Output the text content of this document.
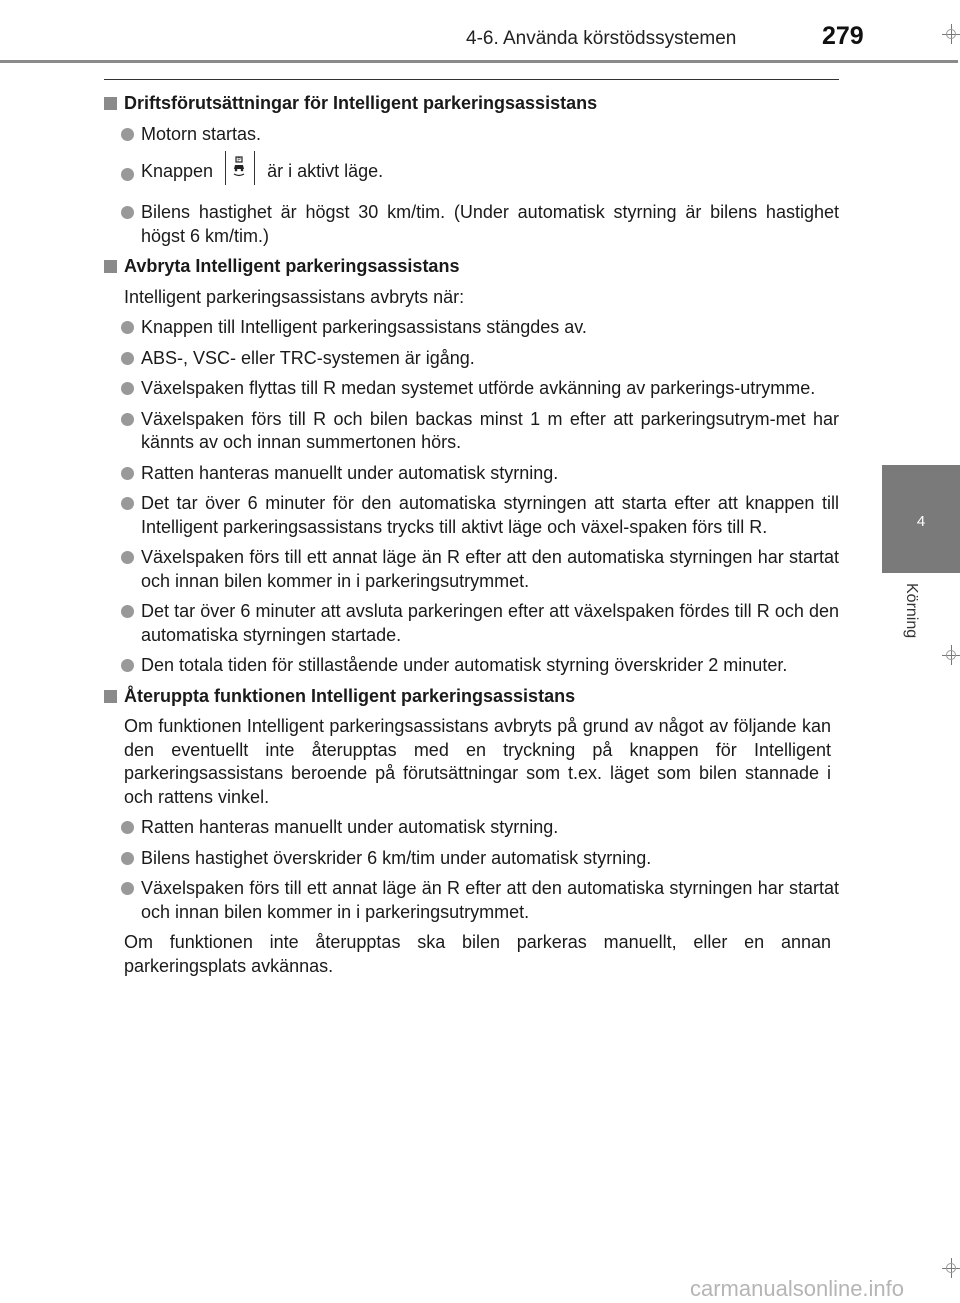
4-6. Använda körstödssystemen	279
4
Körning
Driftsförutsättningar för Intelligent parkeringsassistans
Motorn startas.
Knappen
P
är i aktivt läge.
Bilens hastighet är högst 30 km/tim. (Under automatisk styrning är bilens hastighet högst 6 km/tim.)
Avbryta Intelligent parkeringsassistans
Intelligent parkeringsassistans avbryts när:
Knappen till Intelligent parkeringsassistans stängdes av.
ABS-, VSC- eller TRC-systemen är igång.
Växelspaken flyttas till R medan systemet utförde avkänning av parkerings-utrymme.
Växelspaken förs till R och bilen backas minst 1 m efter att parkeringsutrym-met har kännts av och innan summertonen hörs.
Ratten hanteras manuellt under automatisk styrning.
Det tar över 6 minuter för den automatiska styrningen att starta efter att knappen till Intelligent parkeringsassistans trycks till aktivt läge och växel-spaken förs till R.
Växelspaken förs till ett annat läge än R efter att den automatiska styrningen har startat och innan bilen kommer in i parkeringsutrymmet.
Det tar över 6 minuter att avsluta parkeringen efter att växelspaken fördes till R och den automatiska styrningen startade.
Den totala tiden för stillastående under automatisk styrning överskrider 2 minuter.
Återuppta funktionen Intelligent parkeringsassistans
Om funktionen Intelligent parkeringsassistans avbryts på grund av något av följande kan den eventuellt inte återupptas med en tryckning på knappen för Intelligent parkeringsassistans beroende på förutsättningar som t.ex. läget som bilen stannade i och rattens vinkel.
Ratten hanteras manuellt under automatisk styrning.
Bilens hastighet överskrider 6 km/tim under automatisk styrning.
Växelspaken förs till ett annat läge än R efter att den automatiska styrningen har startat och innan bilen kommer in i parkeringsutrymmet.
Om funktionen inte återupptas ska bilen parkeras manuellt, eller en annan parkeringsplats avkännas.
carmanualsonline.info
